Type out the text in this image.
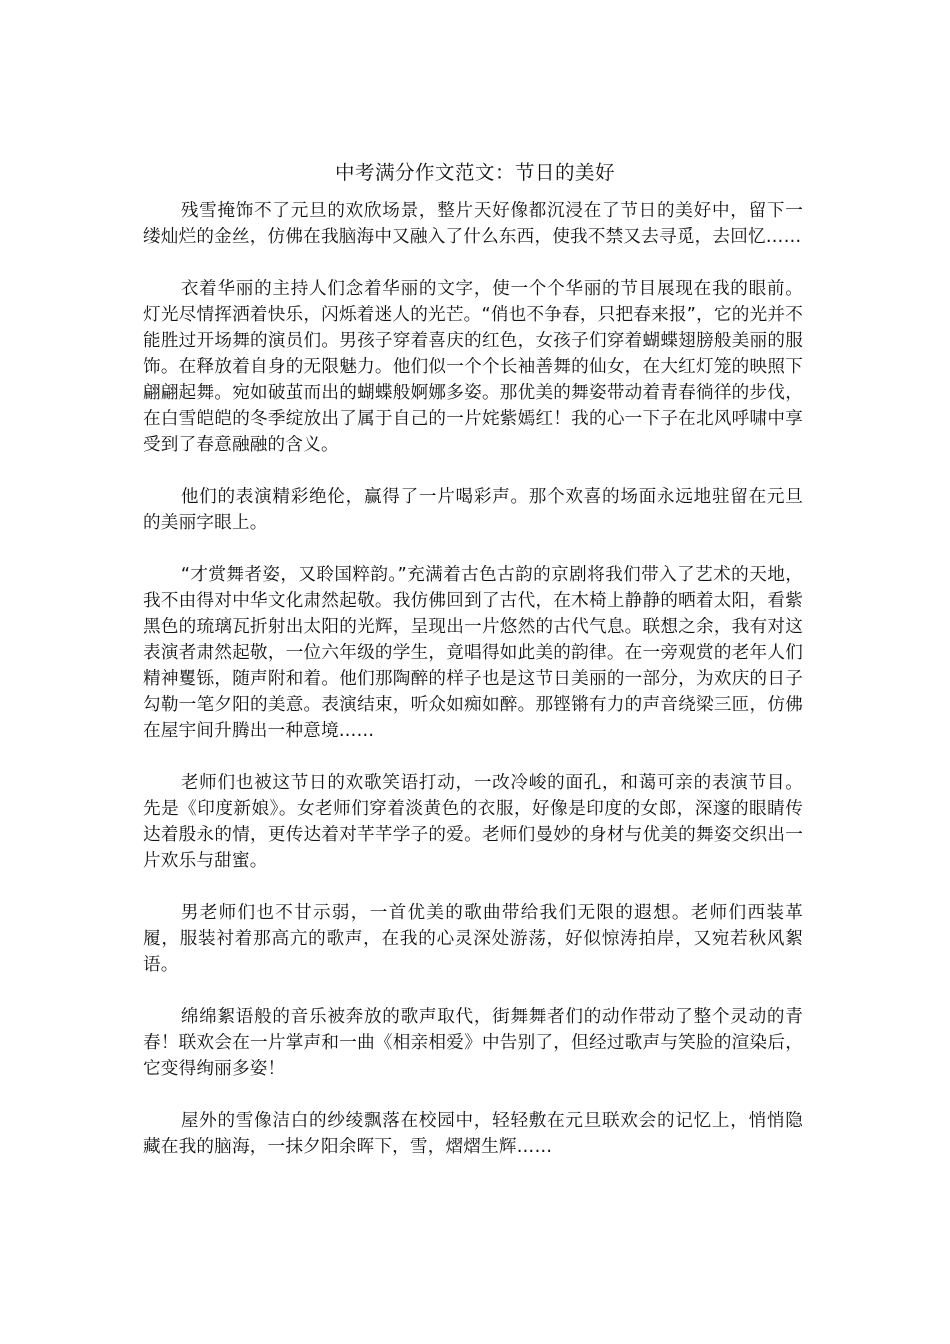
中考满分作文范文：节日的美好

残雪掩饰不了元旦的欢欣场景，整片天好像都沉浸在了节日的美好中，留下一缕灿烂的金丝，仿佛在我脑海中又融入了什么东西，使我不禁又去寻觅，去回忆……

衣着华丽的主持人们念着华丽的文字，使一个个华丽的节目展现在我的眼前。灯光尽情挥洒着快乐，闪烁着迷人的光芒。“俏也不争春，只把春来报”，它的光并不能胜过开场舞的演员们。男孩子穿着喜庆的红色，女孩子们穿着蝴蝶翅膀般美丽的服饰。在释放着自身的无限魅力。他们似一个个长袖善舞的仙女，在大红灯笼的映照下翩翩起舞。宛如破茧而出的蝴蝶般婀娜多姿。那优美的舞姿带动着青春徜徉的步伐，在白雪皑皑的冬季绽放出了属于自己的一片姹紫嫣红！我的心一下子在北风呼啸中享受到了春意融融的含义。

他们的表演精彩绝伦，赢得了一片喝彩声。那个欢喜的场面永远地驻留在元旦的美丽字眼上。

“才赏舞者姿，又聆国粹韵。”充满着古色古韵的京剧将我们带入了艺术的天地，我不由得对中华文化肃然起敬。我仿佛回到了古代，在木椅上静静的晒着太阳，看紫黑色的琉璃瓦折射出太阳的光辉，呈现出一片悠然的古代气息。联想之余，我有对这表演者肃然起敬，一位六年级的学生，竟唱得如此美的韵律。在一旁观赏的老年人们精神矍铄，随声附和着。他们那陶醉的样子也是这节日美丽的一部分，为欢庆的日子勾勒一笔夕阳的美意。表演结束，听众如痴如醉。那铿锵有力的声音绕梁三匝，仿佛在屋宇间升腾出一种意境……

老师们也被这节日的欢歌笑语打动，一改冷峻的面孔，和蔼可亲的表演节目。先是《印度新娘》。女老师们穿着淡黄色的衣服，好像是印度的女郎，深邃的眼睛传达着殷永的情，更传达着对芊芊学子的爱。老师们曼妙的身材与优美的舞姿交织出一片欢乐与甜蜜。

男老师们也不甘示弱，一首优美的歌曲带给我们无限的遐想。老师们西装革履，服装衬着那高亢的歌声，在我的心灵深处游荡，好似惊涛拍岸，又宛若秋风絮语。

绵绵絮语般的音乐被奔放的歌声取代，街舞舞者们的动作带动了整个灵动的青春！联欢会在一片掌声和一曲《相亲相爱》中告别了，但经过歌声与笑脸的渲染后，它变得绚丽多姿！

屋外的雪像洁白的纱绫飘落在校园中，轻轻敷在元旦联欢会的记忆上，悄悄隐藏在我的脑海，一抹夕阳余晖下，雪，熠熠生辉……
